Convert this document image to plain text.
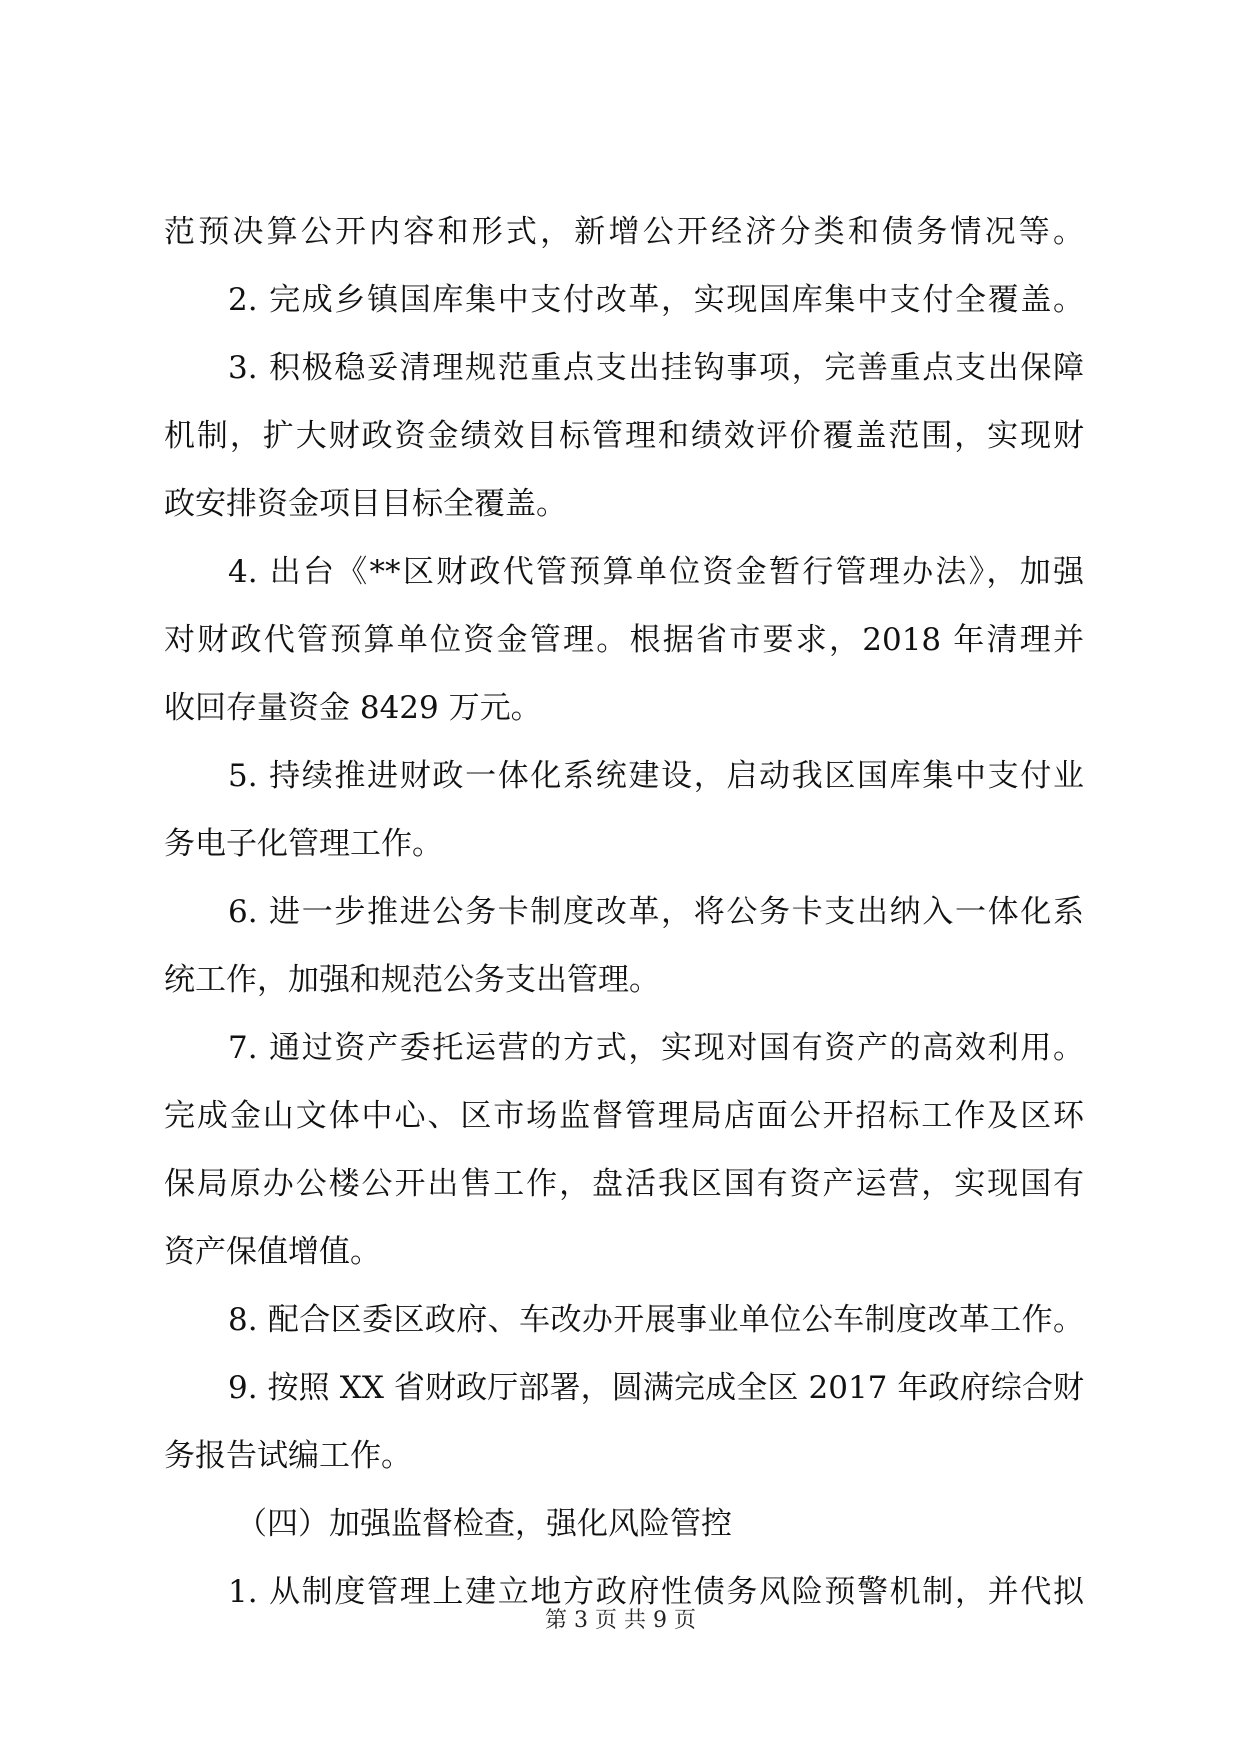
范预决算公开内容和形式，新增公开经济分类和债务情况等。
2. 完成乡镇国库集中支付改革，实现国库集中支付全覆盖。
3. 积极稳妥清理规范重点支出挂钩事项，完善重点支出保障
机制，扩大财政资金绩效目标管理和绩效评价覆盖范围，实现财
政安排资金项目目标全覆盖。
4. 出台《**区财政代管预算单位资金暂行管理办法》，加强
对财政代管预算单位资金管理。根据省市要求，2018 年清理并
收回存量资金 8429 万元。
5. 持续推进财政一体化系统建设，启动我区国库集中支付业
务电子化管理工作。
6. 进一步推进公务卡制度改革，将公务卡支出纳入一体化系
统工作，加强和规范公务支出管理。
7. 通过资产委托运营的方式，实现对国有资产的高效利用。
完成金山文体中心、区市场监督管理局店面公开招标工作及区环
保局原办公楼公开出售工作，盘活我区国有资产运营，实现国有
资产保值增值。
8. 配合区委区政府、车改办开展事业单位公车制度改革工作。
9. 按照 XX 省财政厅部署，圆满完成全区 2017 年政府综合财
务报告试编工作。
（四）加强监督检查，强化风险管控
1. 从制度管理上建立地方政府性债务风险预警机制，并代拟
第 3 页 共 9 页
